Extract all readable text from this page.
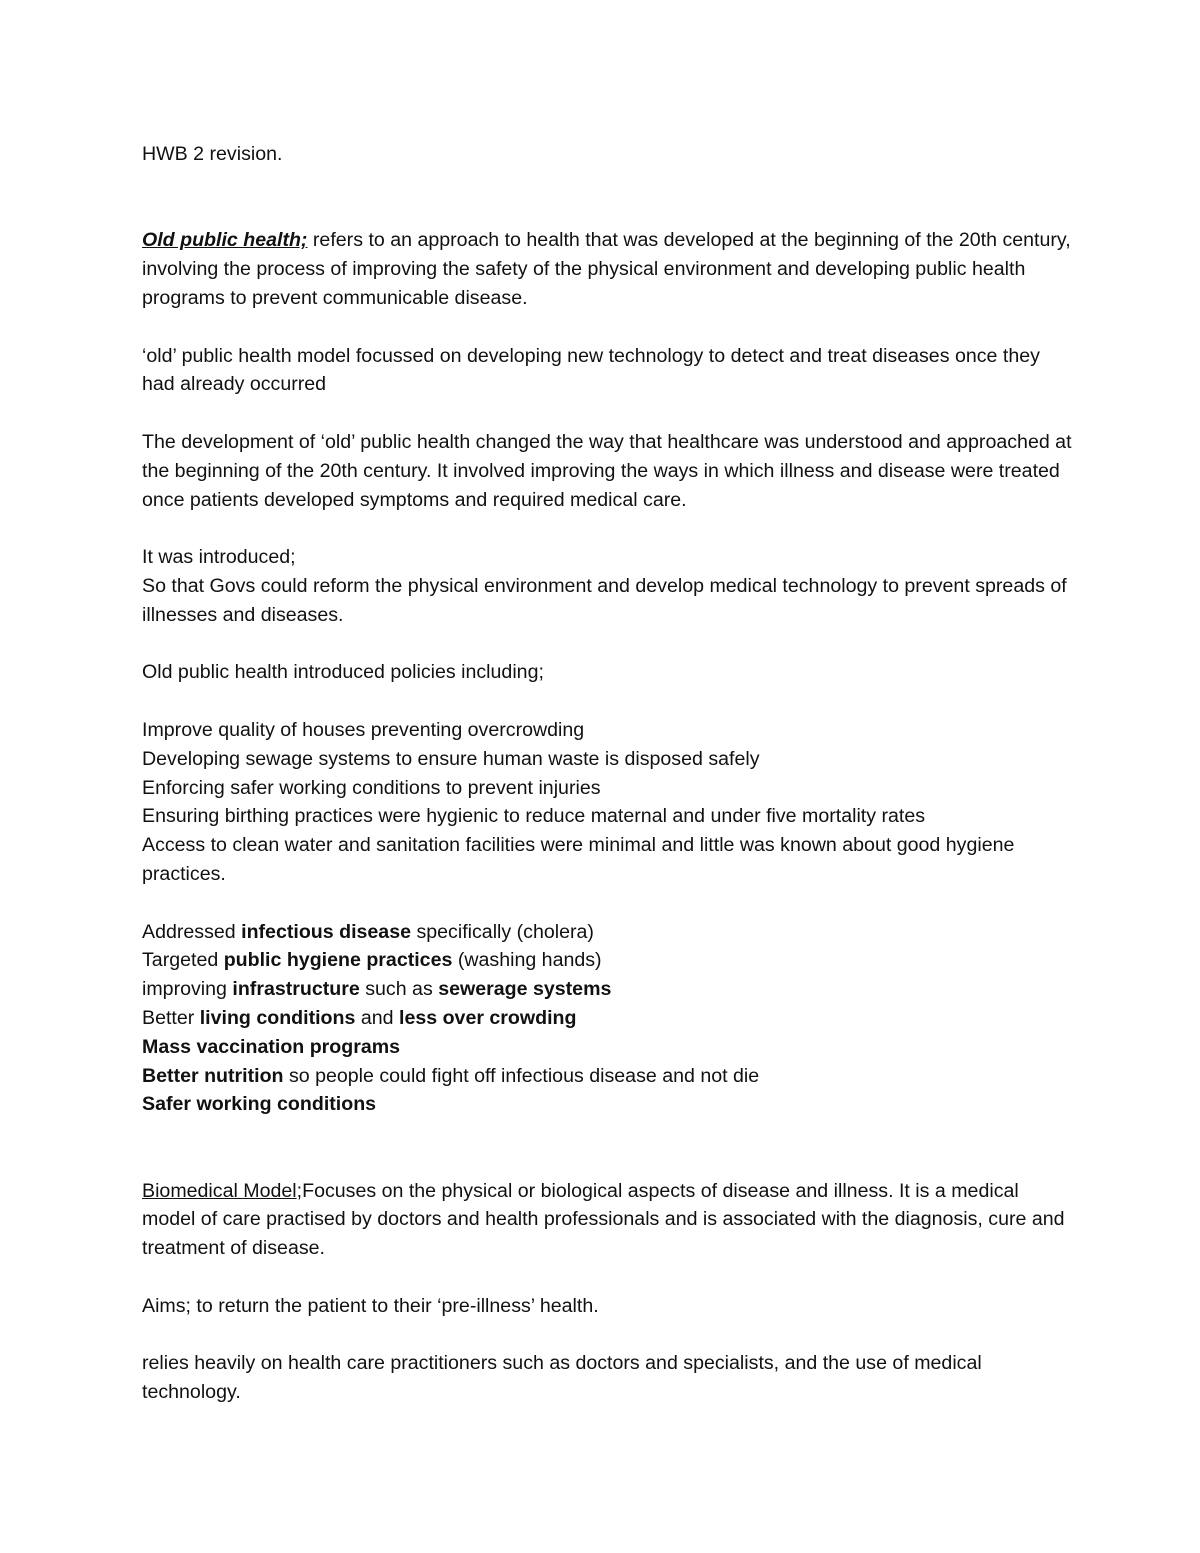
HWB 2 revision.

Old public health; refers to an approach to health that was developed at the beginning of the 20th century, involving the process of improving the safety of the physical environment and developing public health programs to prevent communicable disease.

‘old’ public health model focussed on developing new technology to detect and treat diseases once they had already occurred

The development of ‘old’ public health changed the way that healthcare was understood and approached at the beginning of the 20th century. It involved improving the ways in which illness and disease were treated once patients developed symptoms and required medical care.

It was introduced;

So that Govs could reform the physical environment and develop medical technology to prevent spreads of illnesses and diseases.

Old public health introduced policies including;

Improve quality of houses preventing overcrowding

Developing sewage systems to ensure human waste is disposed safely

Enforcing safer working conditions to prevent injuries

Ensuring birthing practices were hygienic to reduce maternal and under five mortality rates

Access to clean water and sanitation facilities were minimal and little was known about good hygiene practices.

Addressed infectious disease specifically (cholera)

Targeted public hygiene practices (washing hands)

improving infrastructure such as sewerage systems

Better living conditions and less over crowding

Mass vaccination programs

Better nutrition so people could fight off infectious disease and not die

Safer working conditions

Biomedical Model;Focuses on the physical or biological aspects of disease and illness. It is a medical model of care practised by doctors and health professionals and is associated with the diagnosis, cure and treatment of disease.

Aims; to return the patient to their ‘pre-illness’ health.

relies heavily on health care practitioners such as doctors and specialists, and the use of medical technology.
